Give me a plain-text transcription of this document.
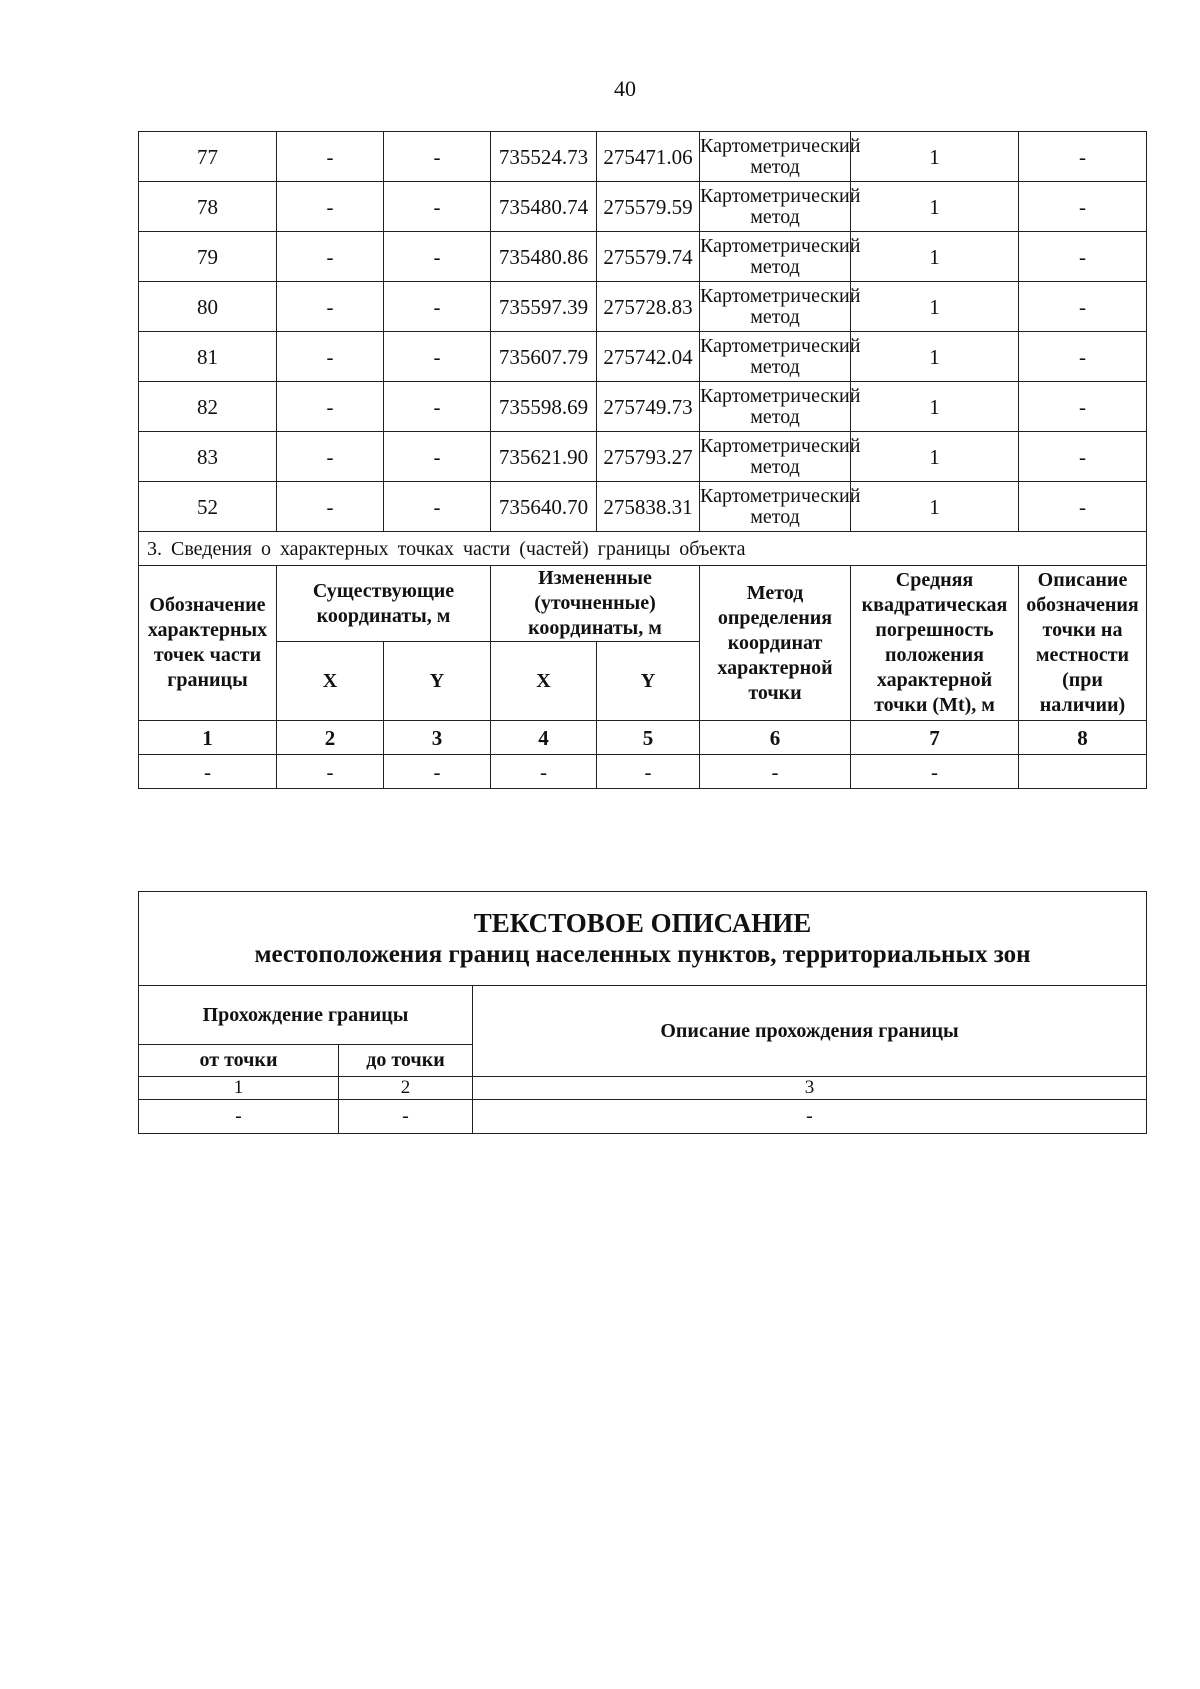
40
77	-	-	735524.73	275471.06	Картометрический метод	1	-
78	-	-	735480.74	275579.59	Картометрический метод	1	-
79	-	-	735480.86	275579.74	Картометрический метод	1	-
80	-	-	735597.39	275728.83	Картометрический метод	1	-
81	-	-	735607.79	275742.04	Картометрический метод	1	-
82	-	-	735598.69	275749.73	Картометрический метод	1	-
83	-	-	735621.90	275793.27	Картометрический метод	1	-
52	-	-	735640.70	275838.31	Картометрический метод	1	-
3. Сведения о характерных точках части (частей) границы объекта							
Обозначение характерных точек части границы	Существующие координаты, м		Измененные (уточненные) координаты, м		Метод определения координат характерной точки	Средняя квадратическая погрешность положения характерной точки (Mt), м	Описание обозначения точки на местности (при наличии)
	X	Y	X	Y			
1	2	3	4	5	6	7	8
-	-	-	-	-	-	-	
ТЕКСТОВОЕ ОПИСАНИЕ
местоположения границ населенных пунктов, территориальных зон		

Прохождение границы		Описание прохождения границы
от точки	до точки	
1	2	3
-	-	-
